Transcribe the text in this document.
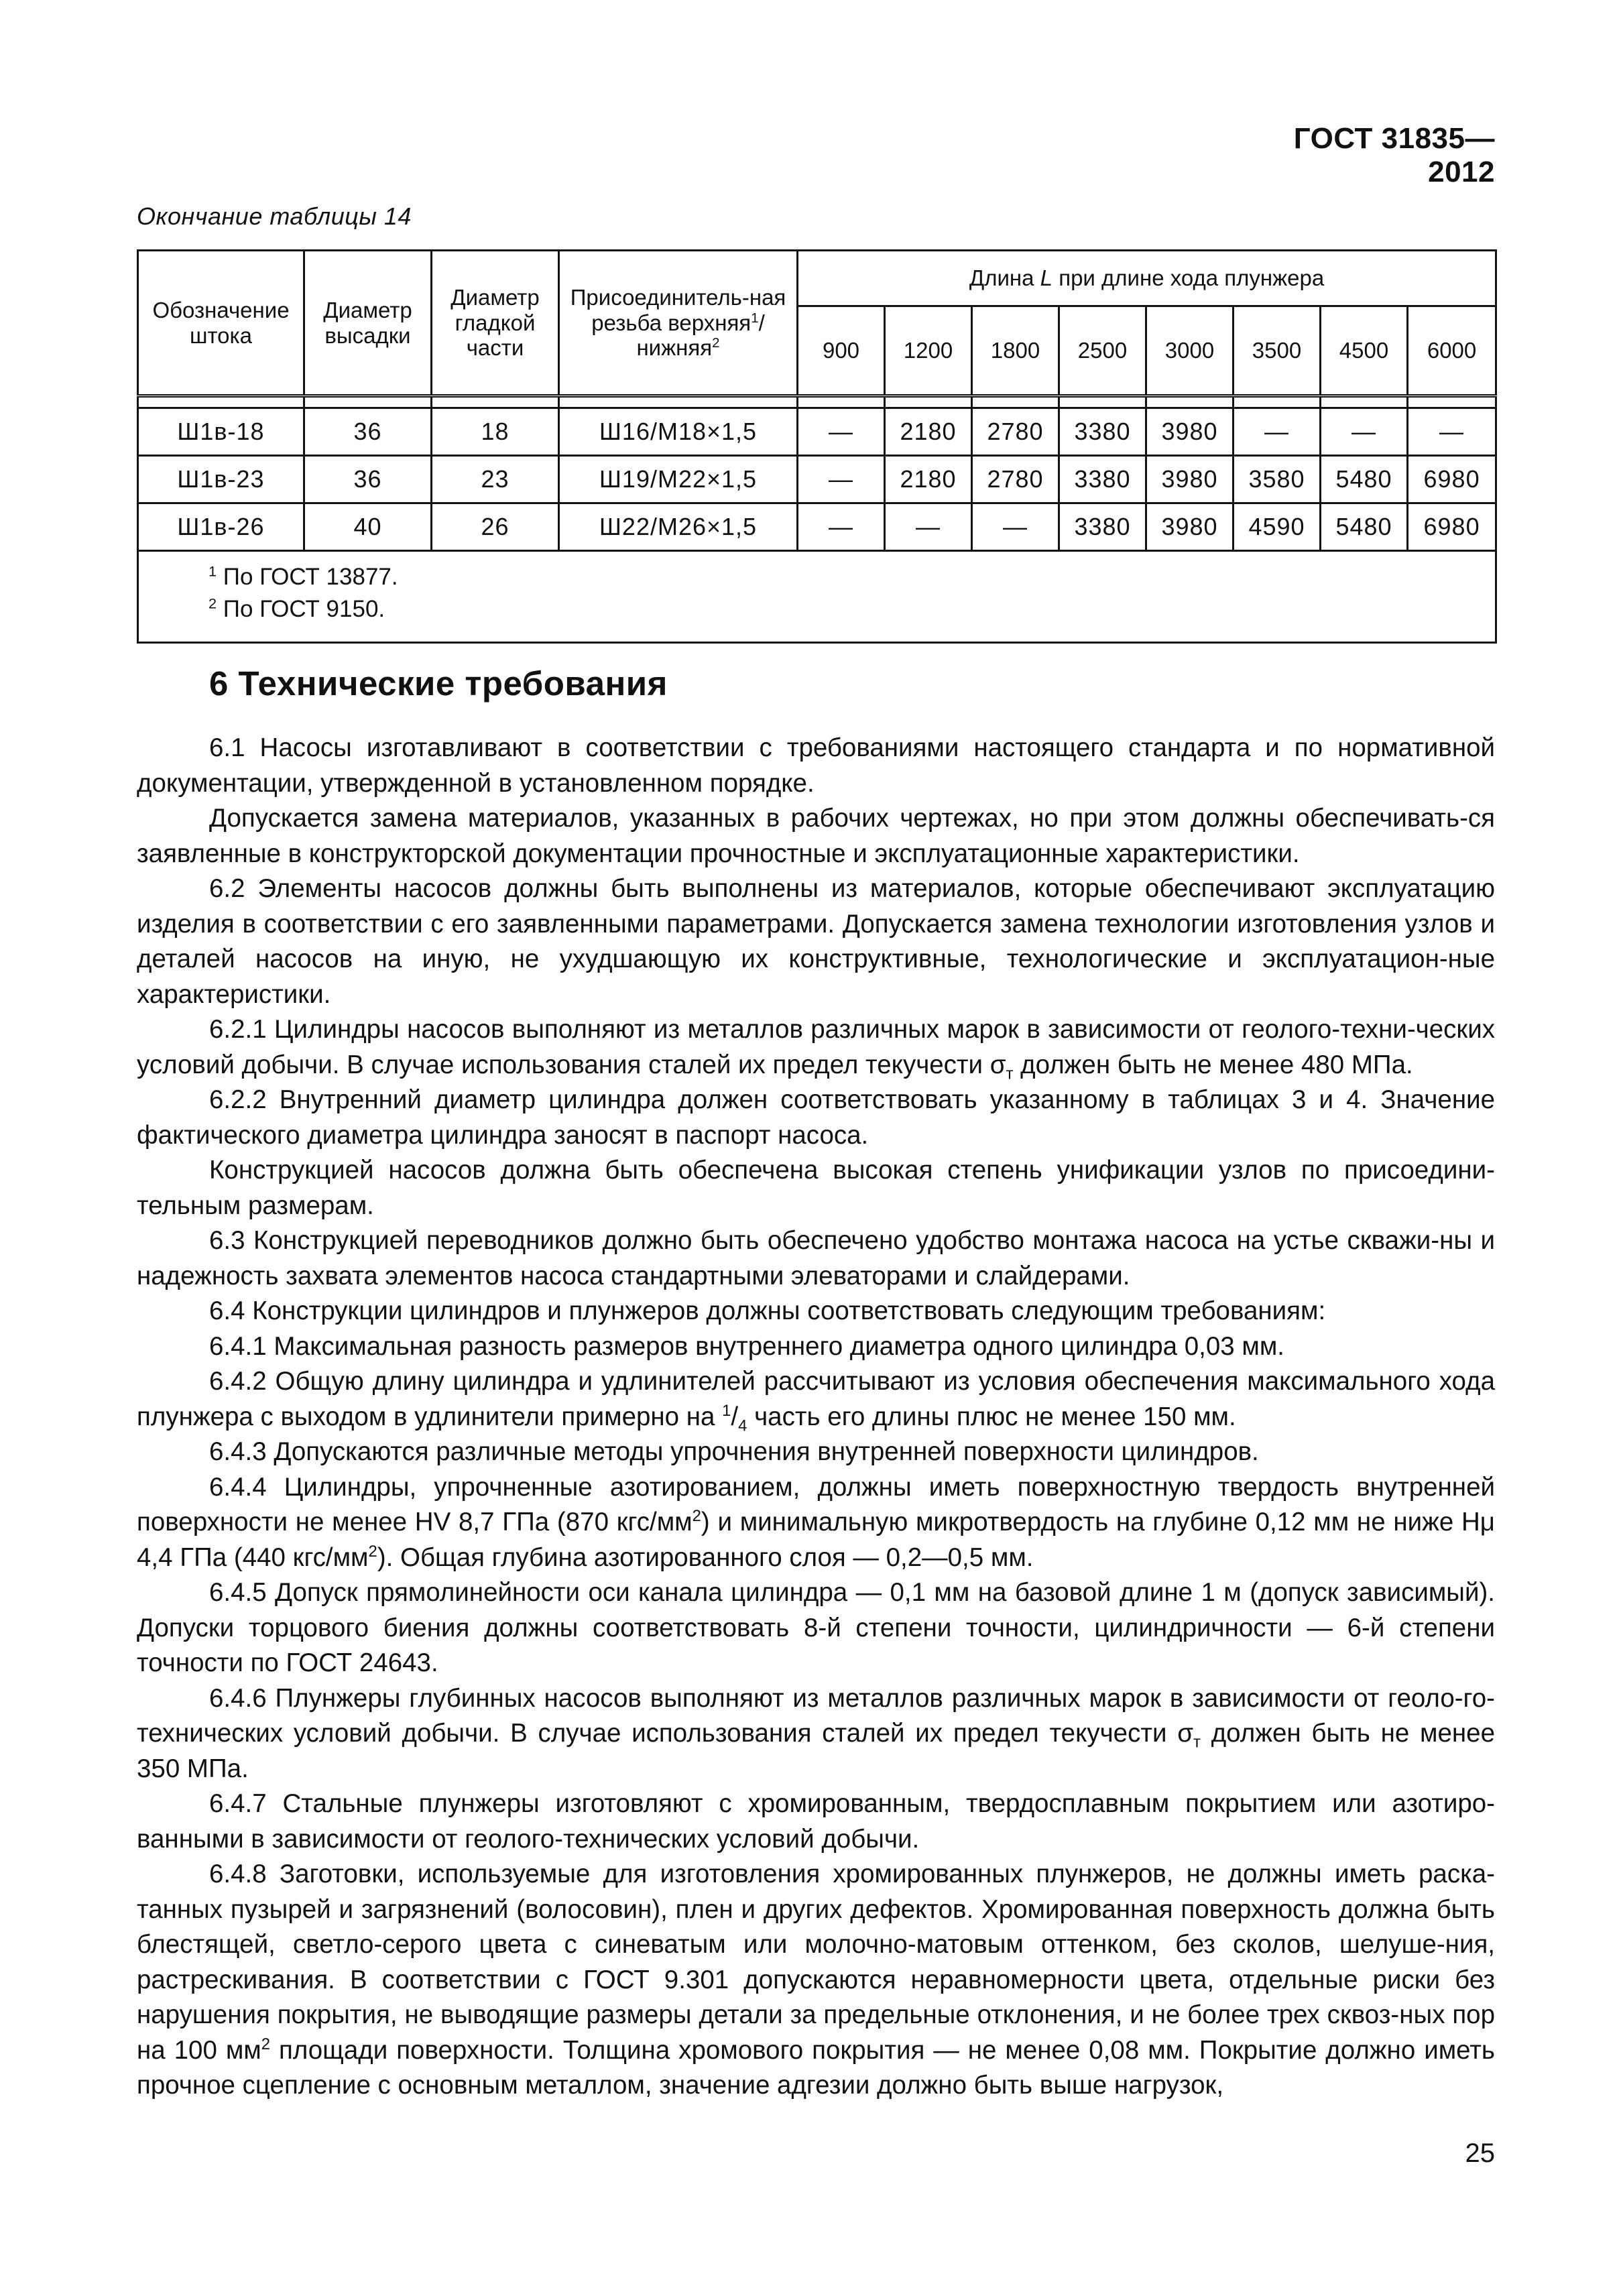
ГОСТ 31835—2012
Окончание таблицы 14
Обозначение штока	Диаметр высадки	Диаметр гладкой части	Присоединитель-ная резьба верхняя$^1$/нижняя$^2$	Длина L при длине хода плунжера							
				900	1200	1800	2500	3000	3500	4500	6000

Ш1в-18	36	18	Ш16/М18×1,5	—	2180	2780	3380	3980	—	—	—
Ш1в-23	36	23	Ш19/М22×1,5	—	2180	2780	3380	3980	3580	5480	6980
Ш1в-26	40	26	Ш22/М26×1,5	—	—	—	3380	3980	4590	5480	6980

$^1$ По ГОСТ 13877.
$^2$ По ГОСТ 9150.											
6 Технические требования

6.1 Насосы изготавливают в соответствии с требованиями настоящего стандарта и по нормативной документации, утвержденной в установленном порядке.

Допускается замена материалов, указанных в рабочих чертежах, но при этом должны обеспечивать-ся заявленные в конструкторской документации прочностные и эксплуатационные характеристики.

6.2 Элементы насосов должны быть выполнены из материалов, которые обеспечивают эксплуатацию изделия в соответствии с его заявленными параметрами. Допускается замена технологии изготовления узлов и деталей насосов на иную, не ухудшающую их конструктивные, технологические и эксплуатацион-ные характеристики.

6.2.1 Цилиндры насосов выполняют из металлов различных марок в зависимости от геолого-техни-ческих условий добычи. В случае использования сталей их предел текучести $\sigma_т$ должен быть не менее 480 МПа.

6.2.2 Внутренний диаметр цилиндра должен соответствовать указанному в таблицах 3 и 4. Значение фактического диаметра цилиндра заносят в паспорт насоса.

Конструкцией насосов должна быть обеспечена высокая степень унификации узлов по присоедини-тельным размерам.

6.3 Конструкцией переводников должно быть обеспечено удобство монтажа насоса на устье скважи-ны и надежность захвата элементов насоса стандартными элеваторами и слайдерами.

6.4 Конструкции цилиндров и плунжеров должны соответствовать следующим требованиям:

6.4.1 Максимальная разность размеров внутреннего диаметра одного цилиндра 0,03 мм.

6.4.2 Общую длину цилиндра и удлинителей рассчитывают из условия обеспечения максимального хода плунжера с выходом в удлинители примерно на $^1/_4$ часть его длины плюс не менее 150 мм.

6.4.3 Допускаются различные методы упрочнения внутренней поверхности цилиндров.

6.4.4 Цилиндры, упрочненные азотированием, должны иметь поверхностную твердость внутренней поверхности не менее HV 8,7 ГПа (870 кгс/$мм^2$) и минимальную микротвердость на глубине 0,12 мм не ниже Hμ 4,4 ГПа (440 кгс/$мм^2$). Общая глубина азотированного слоя — 0,2—0,5 мм.

6.4.5 Допуск прямолинейности оси канала цилиндра — 0,1 мм на базовой длине 1 м (допуск зависимый). Допуски торцового биения должны соответствовать 8-й степени точности, цилиндричности — 6-й степени точности по ГОСТ 24643.

6.4.6 Плунжеры глубинных насосов выполняют из металлов различных марок в зависимости от геоло-го-технических условий добычи. В случае использования сталей их предел текучести $\sigma_т$ должен быть не менее 350 МПа.

6.4.7 Стальные плунжеры изготовляют с хромированным, твердосплавным покрытием или азотиро-ванными в зависимости от геолого-технических условий добычи.

6.4.8 Заготовки, используемые для изготовления хромированных плунжеров, не должны иметь раска-танных пузырей и загрязнений (волосовин), плен и других дефектов. Хромированная поверхность должна быть блестящей, светло-серого цвета с синеватым или молочно-матовым оттенком, без сколов, шелуше-ния, растрескивания. В соответствии с ГОСТ 9.301 допускаются неравномерности цвета, отдельные риски без нарушения покрытия, не выводящие размеры детали за предельные отклонения, и не более трех сквоз-ных пор на 100 $мм^2$ площади поверхности. Толщина хромового покрытия — не менее 0,08 мм. Покрытие должно иметь прочное сцепление с основным металлом, значение адгезии должно быть выше нагрузок,

25
